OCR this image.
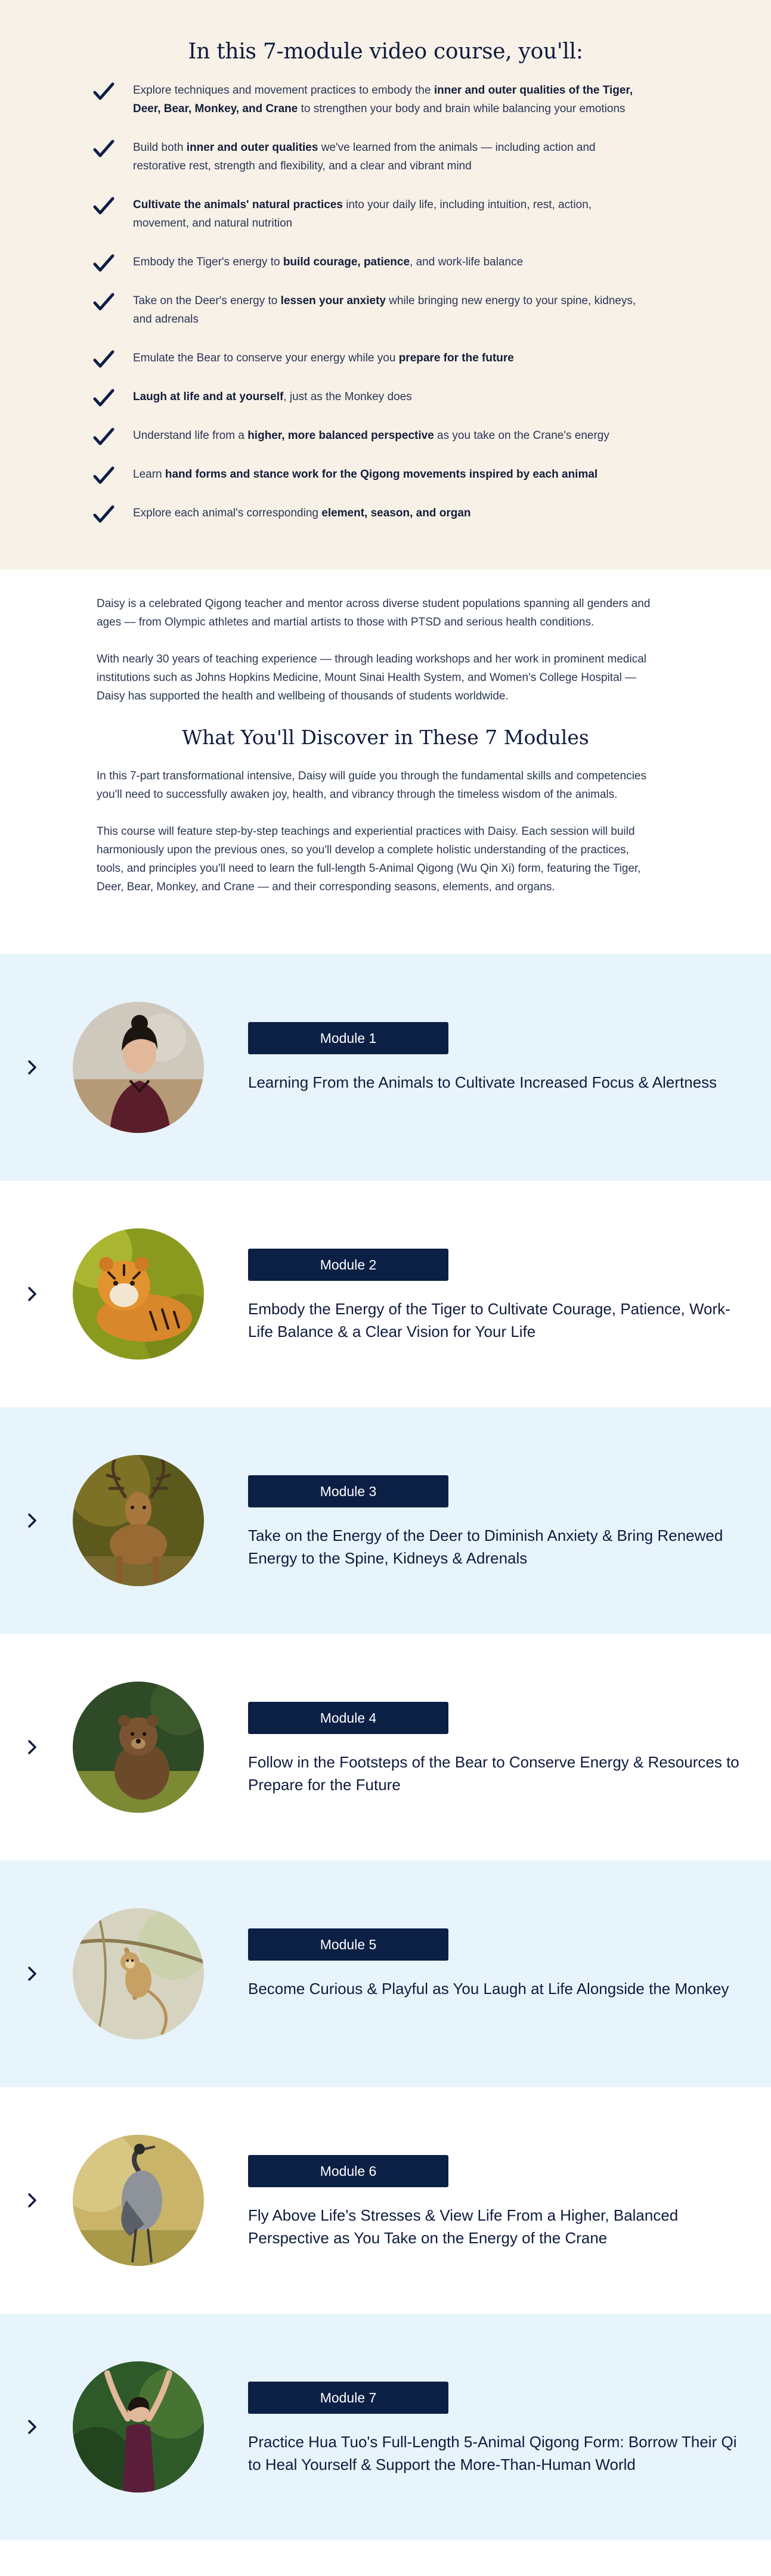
In this 7-module video course, you'll:

Explore techniques and movement practices to embody the inner and outer qualities of the Tiger, Deer, Bear, Monkey, and Crane to strengthen your body and brain while balancing your emotions

Build both inner and outer qualities we've learned from the animals — including action and restorative rest, strength and flexibility, and a clear and vibrant mind

Cultivate the animals' natural practices into your daily life, including intuition, rest, action, movement, and natural nutrition

Embody the Tiger's energy to build courage, patience, and work-life balance

Take on the Deer's energy to lessen your anxiety while bringing new energy to your spine, kidneys, and adrenals

Emulate the Bear to conserve your energy while you prepare for the future

Laugh at life and at yourself, just as the Monkey does

Understand life from a higher, more balanced perspective as you take on the Crane's energy

Learn hand forms and stance work for the Qigong movements inspired by each animal

Explore each animal's corresponding element, season, and organ

Daisy is a celebrated Qigong teacher and mentor across diverse student populations spanning all genders and ages — from Olympic athletes and martial artists to those with PTSD and serious health conditions.

With nearly 30 years of teaching experience — through leading workshops and her work in prominent medical institutions such as Johns Hopkins Medicine, Mount Sinai Health System, and Women's College Hospital — Daisy has supported the health and wellbeing of thousands of students worldwide.

What You'll Discover in These 7 Modules

In this 7-part transformational intensive, Daisy will guide you through the fundamental skills and competencies you'll need to successfully awaken joy, health, and vibrancy through the timeless wisdom of the animals.

This course will feature step-by-step teachings and experiential practices with Daisy. Each session will build harmoniously upon the previous ones, so you'll develop a complete holistic understanding of the practices, tools, and principles you'll need to learn the full-length 5-Animal Qigong (Wu Qin Xi) form, featuring the Tiger, Deer, Bear, Monkey, and Crane — and their corresponding seasons, elements, and organs.

Module 1

Learning From the Animals to Cultivate Increased Focus & Alertness

Module 2

Embody the Energy of the Tiger to Cultivate Courage, Patience, Work-Life Balance & a Clear Vision for Your Life

Module 3

Take on the Energy of the Deer to Diminish Anxiety & Bring Renewed Energy to the Spine, Kidneys & Adrenals

Module 4

Follow in the Footsteps of the Bear to Conserve Energy & Resources to Prepare for the Future

Module 5

Become Curious & Playful as You Laugh at Life Alongside the Monkey

Module 6

Fly Above Life's Stresses & View Life From a Higher, Balanced Perspective as You Take on the Energy of the Crane

Module 7

Practice Hua Tuo's Full-Length 5-Animal Qigong Form: Borrow Their Qi to Heal Yourself & Support the More-Than-Human World
